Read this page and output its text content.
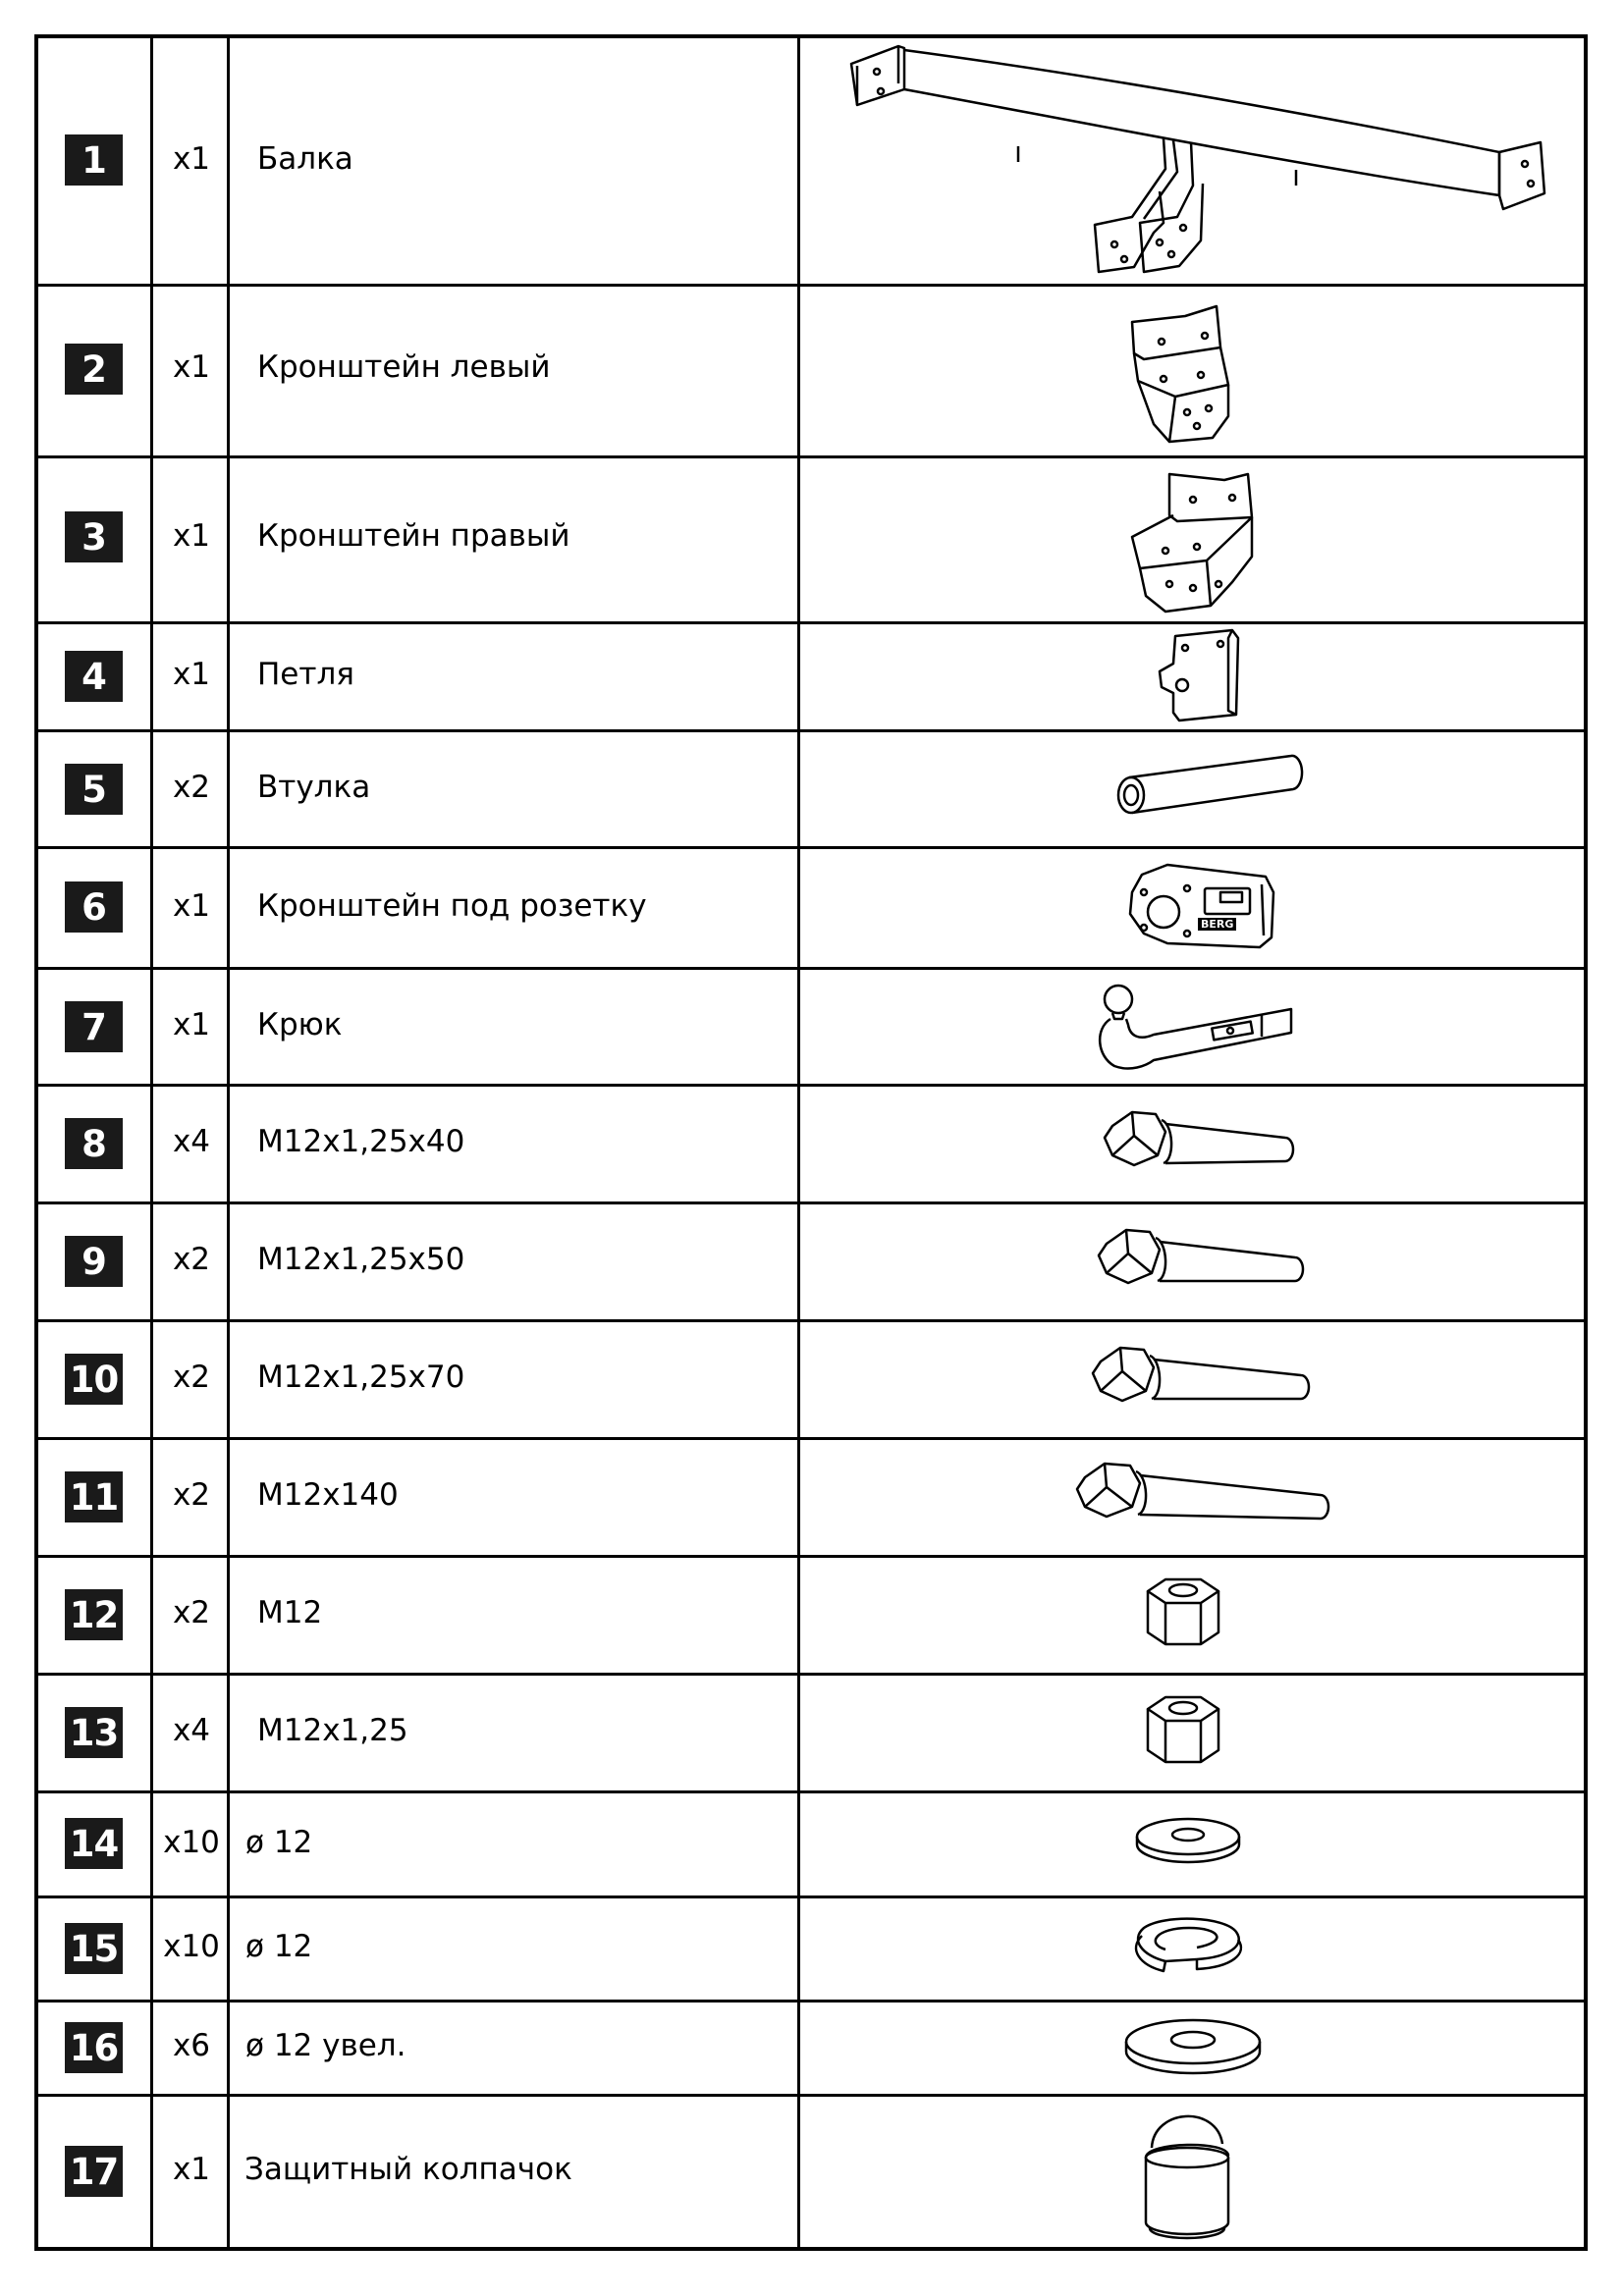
1	x1	Балка
2	x1	Кронштейн левый
3	x1	Кронштейн правый
4	x1	Петля
5	x2	Втулка
6	x1	Кронштейн под розетку
BERG
7	x1	Крюк
8	x4	М12х1,25х40
9	x2	М12х1,25х50
10	x2	М12х1,25х70
11	x2	М12х140
12	x2	М12
13	x4	М12х1,25
14 x10 ø 12
15 x10 ø 12
16	x6	ø 12 увел.
17	x1	Защитный колпачок
